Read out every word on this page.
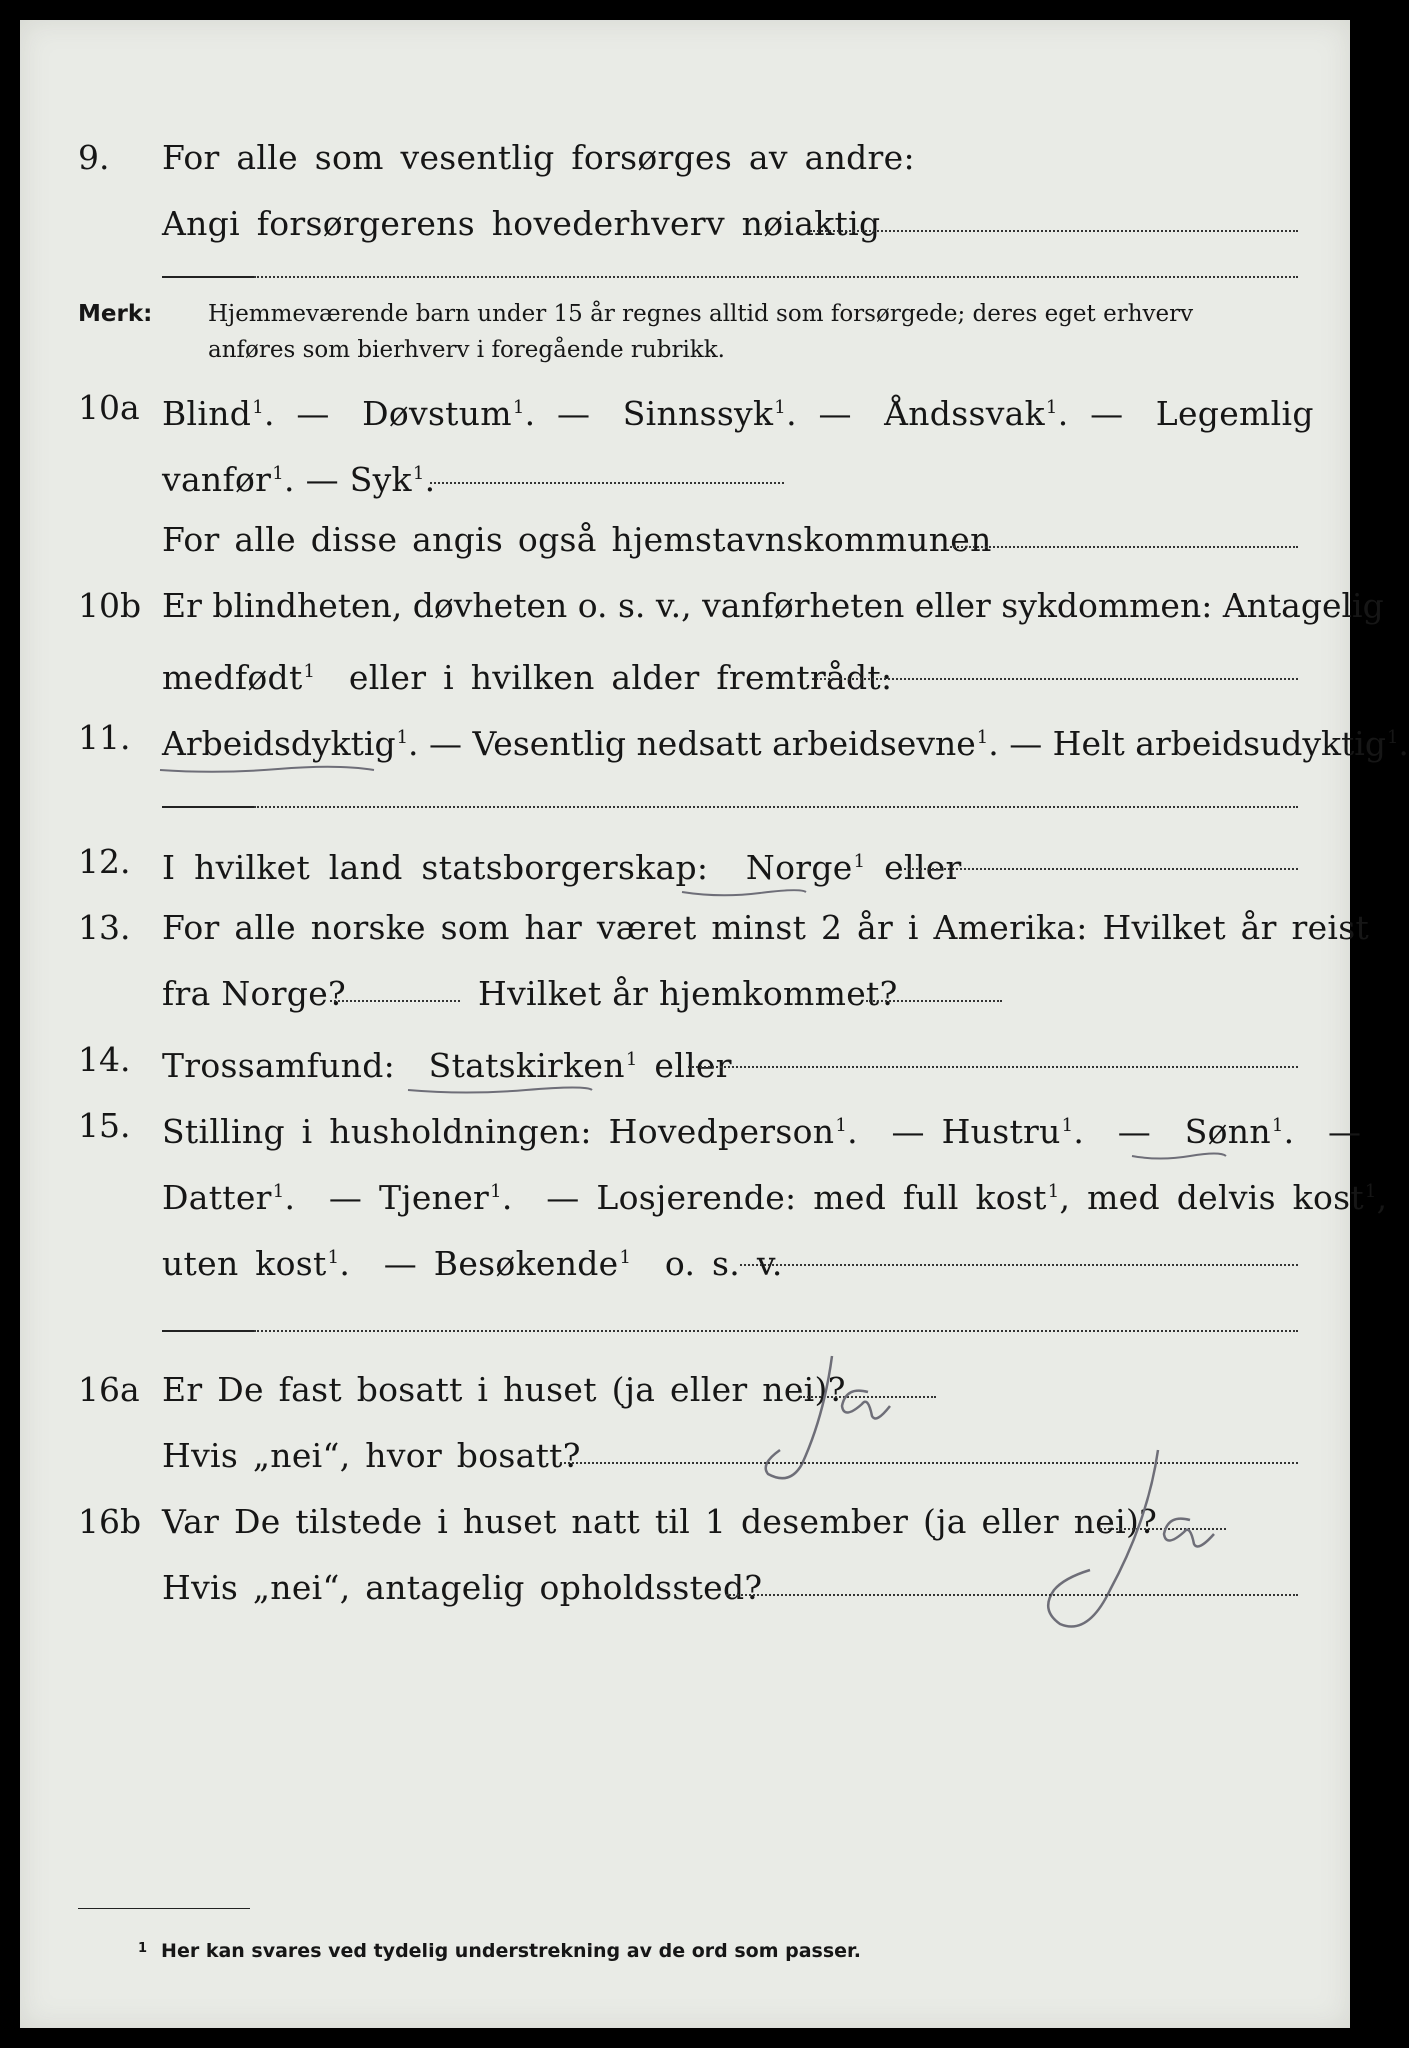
9. For alle som vesentlig forsørges av andre:
Angi forsørgerens hovederhverv nøiaktig
Merk: Hjemmeværende barn under 15 år regnes alltid som forsørgede; deres eget erhverv
anføres som bierhverv i foregående rubrikk.
10a Blind$^1$.  — Døvstum$^1$.  — Sinnssyk$^1$.  — Åndssvak$^1$.  — Legemlig
vanfør$^1$. — Syk$^1$.
For alle disse angis også hjemstavnskommunen
10b Er blindheten, døvheten o. s. v., vanførheten eller sykdommen: Antagelig
medfødt$^1$ eller i hvilken alder fremtrådt:
11. Arbeidsdyktig$^1$. — Vesentlig nedsatt arbeidsevne$^1$. — Helt arbeidsudyktig$^1$.
12. I hvilket land statsborgerskap: Norge$^1$ eller
13. For alle norske som har været minst 2 år i Amerika: Hvilket år reist
fra Norge?	Hvilket år hjemkommet?
14. Trossamfund: Statskirken$^1$ eller
15. Stilling i husholdningen: Hovedperson$^1$.  — Hustru$^1$.  — Sønn$^1$.  —
Datter$^1$.  — Tjener$^1$.  — Losjerende: med full kost$^1$, med delvis kost$^1$,
uten kost$^1$.  — Besøkende$^1$ o. s. v.
16a Er De fast bosatt i huset (ja eller nei)?
Hvis „nei“, hvor bosatt?
16b Var De tilstede i huset natt til 1 desember (ja eller nei)?
Hvis „nei“, antagelig opholdssted?
$^1$ Her kan svares ved tydelig understrekning av de ord som passer.
